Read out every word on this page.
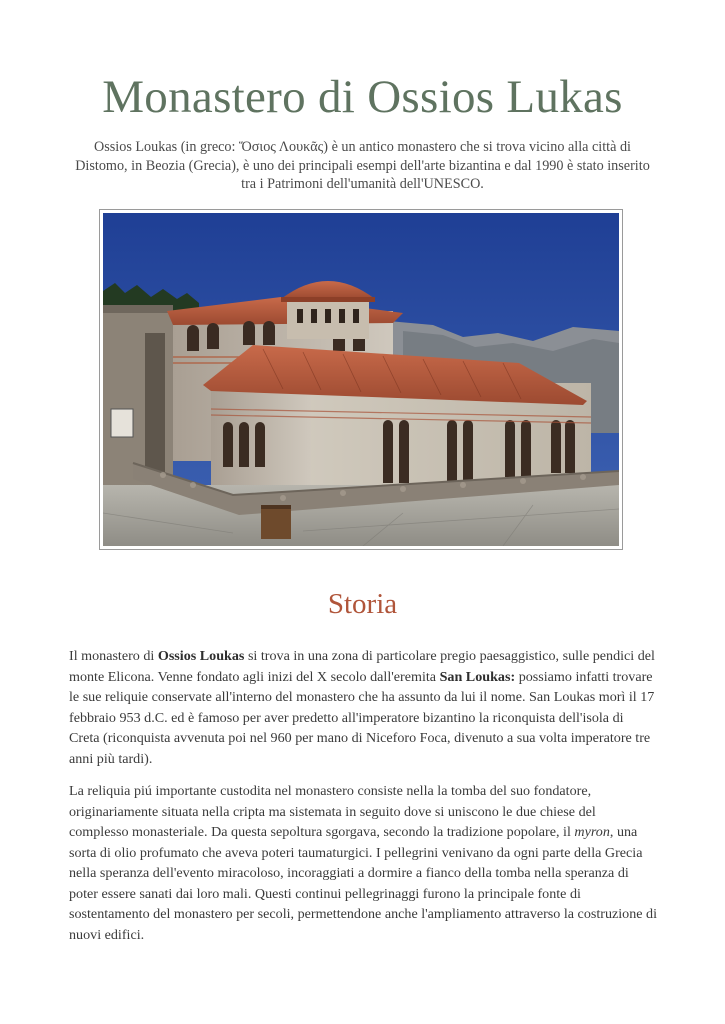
Monastero di Ossios Lukas

Ossios Loukas (in greco: Ὅσιος Λουκᾶς) è un antico monastero che si trova vicino alla città di Distomo, in Beozia (Grecia), è uno dei principali esempi dell'arte bizantina e dal 1990 è stato inserito tra i Patrimoni dell'umanità dell'UNESCO.

Storia

Il monastero di Ossios Loukas si trova in una zona di particolare pregio paesaggistico, sulle pendici del monte Elicona. Venne fondato agli inizi del X secolo dall'eremita San Loukas: possiamo infatti trovare le sue reliquie conservate all'interno del monastero che ha assunto da lui il nome. San Loukas morì il 17 febbraio 953 d.C. ed è famoso per aver predetto all'imperatore bizantino la riconquista dell'isola di Creta (riconquista avvenuta poi nel 960 per mano di Niceforo Foca, divenuto a sua volta imperatore tre anni più tardi).

La reliquia piú importante custodita nel monastero consiste nella la tomba del suo fondatore, originariamente situata nella cripta ma sistemata in seguito dove si uniscono le due chiese del complesso monasteriale. Da questa sepoltura sgorgava, secondo la tradizione popolare, il myron, una sorta di olio profumato che aveva poteri taumaturgici. I pellegrini venivano da ogni parte della Grecia nella speranza dell'evento miracoloso, incoraggiati a dormire a fianco della tomba nella speranza di poter essere sanati dai loro mali. Questi continui pellegrinaggi furono la principale fonte di sostentamento del monastero per secoli, permettendone anche l'ampliamento attraverso la costruzione di nuovi edifici.
